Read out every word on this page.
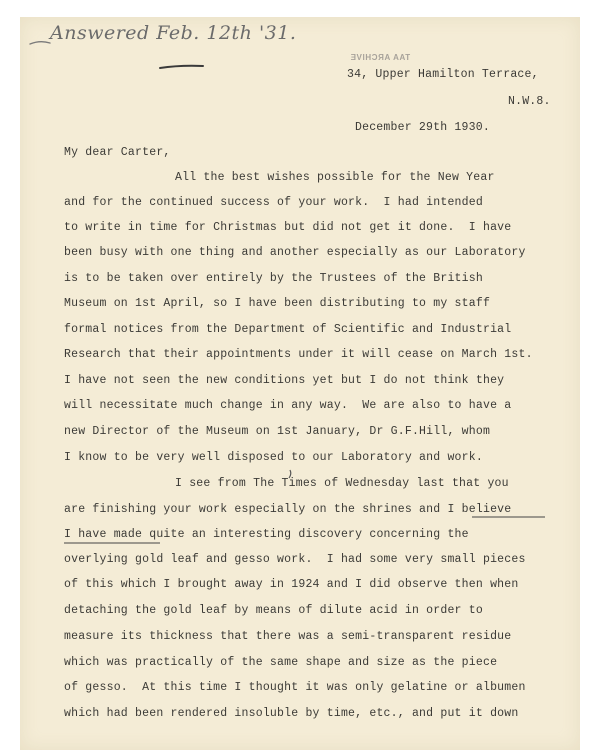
Answered Feb. 12th '31.
TAA ARCHIVE
34, Upper Hamilton Terrace,
N.W.8.
December 29th 1930.
My dear Carter,
All the best wishes possible for the New Year
and for the continued success of your work.  I had intended
to write in time for Christmas but did not get it done.  I have
been busy with one thing and another especially as our Laboratory
is to be taken over entirely by the Trustees of the British
Museum on 1st April, so I have been distributing to my staff
formal notices from the Department of Scientific and Industrial
Research that their appointments under it will cease on March 1st.
I have not seen the new conditions yet but I do not think they
will necessitate much change in any way.  We are also to have a
new Director of the Museum on 1st January, Dr G.F.Hill, whom
I know to be very well disposed to our Laboratory and work.
I see from The Times of Wednesday last that you
are finishing your work especially on the shrines and I believe
I have made quite an interesting discovery concerning the
overlying gold leaf and gesso work.  I had some very small pieces
of this which I brought away in 1924 and I did observe then when
detaching the gold leaf by means of dilute acid in order to
measure its thickness that there was a semi-transparent residue
which was practically of the same shape and size as the piece
of gesso.  At this time I thought it was only gelatine or albumen
which had been rendered insoluble by time, etc., and put it down
